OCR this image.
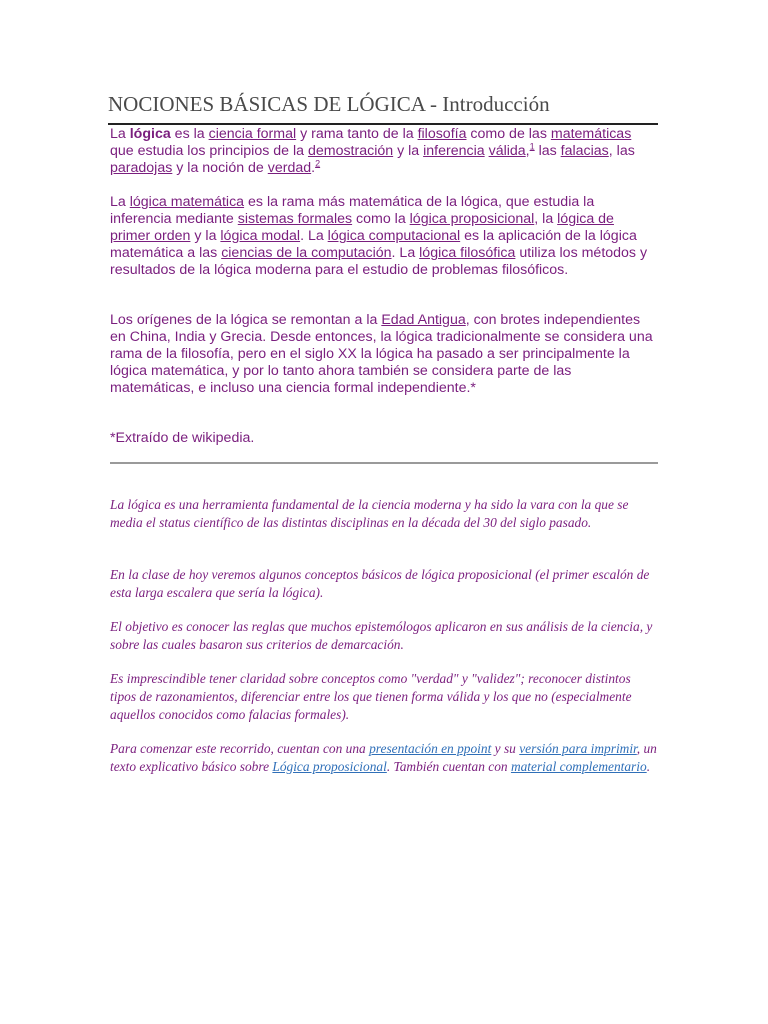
NOCIONES BÁSICAS DE LÓGICA - Introducción

La lógica es la ciencia formal y rama tanto de la filosofía como de las matemáticas que estudia los principios de la demostración y la inferencia válida,$^1$ las falacias, las paradojas y la noción de verdad.$^2$

La lógica matemática es la rama más matemática de la lógica, que estudia la inferencia mediante sistemas formales como la lógica proposicional, la lógica de primer orden y la lógica modal. La lógica computacional es la aplicación de la lógica matemática a las ciencias de la computación. La lógica filosófica utiliza los métodos y resultados de la lógica moderna para el estudio de problemas filosóficos.

Los orígenes de la lógica se remontan a la Edad Antigua, con brotes independientes en China, India y Grecia. Desde entonces, la lógica tradicionalmente se considera una rama de la filosofía, pero en el siglo XX la lógica ha pasado a ser principalmente la lógica matemática, y por lo tanto ahora también se considera parte de las matemáticas, e incluso una ciencia formal independiente.*

*Extraído de wikipedia.

La lógica es una herramienta fundamental de la ciencia moderna y ha sido la vara con la que se media el status científico de las distintas disciplinas en la década del 30 del siglo pasado.

En la clase de hoy veremos algunos conceptos básicos de lógica proposicional (el primer escalón de esta larga escalera que sería la lógica).

El objetivo es conocer las reglas que muchos epistemólogos aplicaron en sus análisis de la ciencia, y sobre las cuales basaron sus criterios de demarcación.

Es imprescindible tener claridad sobre conceptos como "verdad" y "validez"; reconocer distintos tipos de razonamientos, diferenciar entre los que tienen forma válida y los que no (especialmente aquellos conocidos como falacias formales).

Para comenzar este recorrido, cuentan con una presentación en ppoint y su versión para imprimir, un texto explicativo básico sobre Lógica proposicional. También cuentan con material complementario.
